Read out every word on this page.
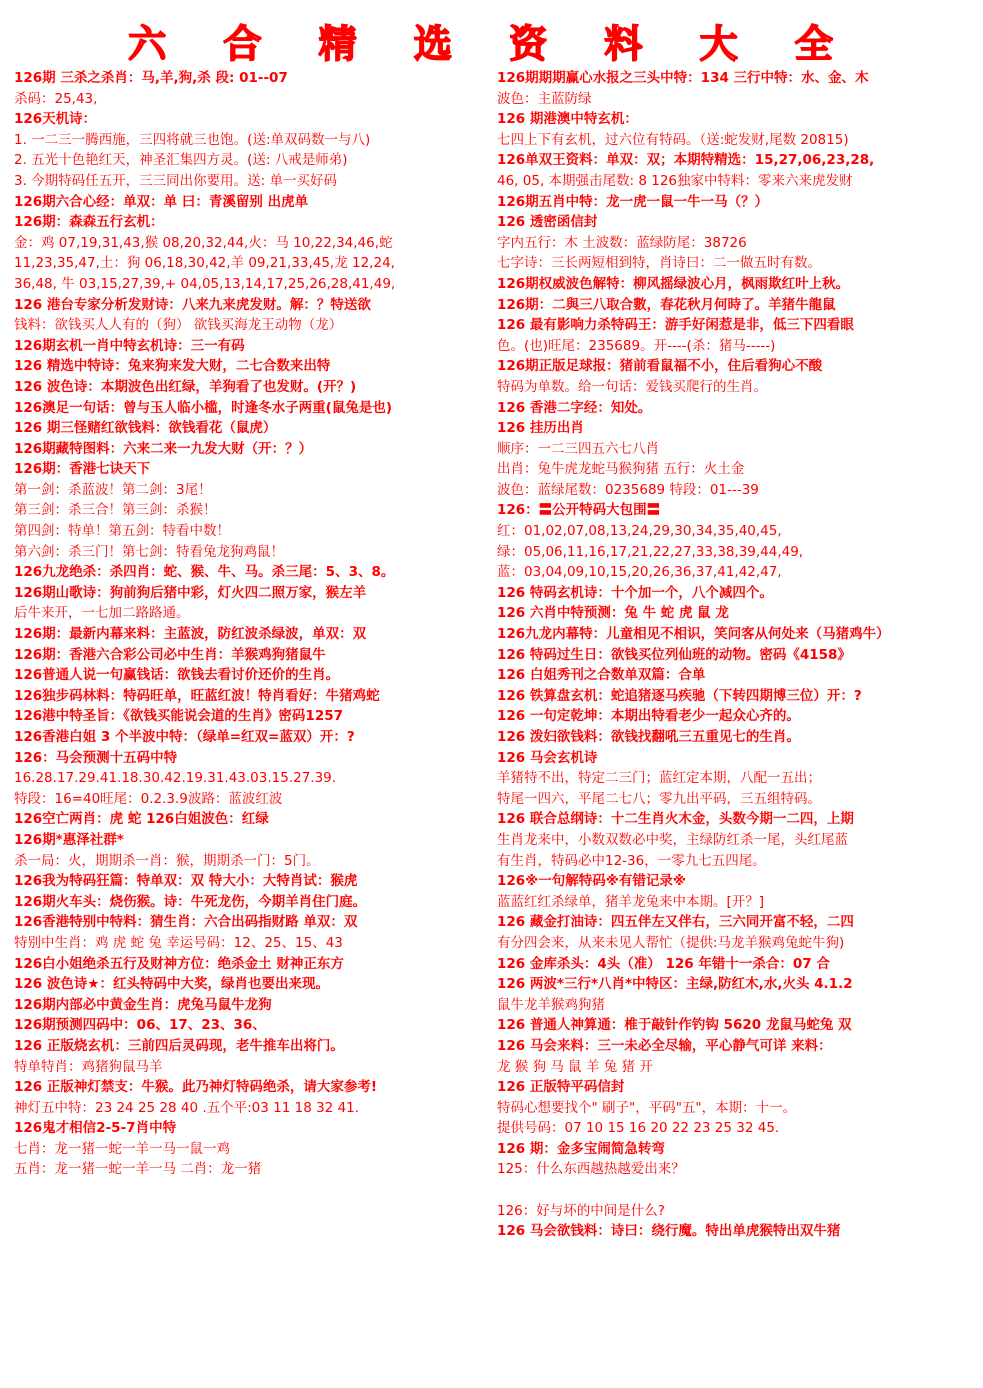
六 合 精 选 资 料 大 全
126期 三杀之杀肖：马,羊,狗,杀 段: 01--07
杀码：25,43,
126天机诗：
1. 一二三一腾西施，三四将就三也饱。(送:单双码数一与八)
2. 五光十色艳红天，神圣汇集四方灵。(送: 八戒是师弟)
3. 今期特码任五开，三三同出你要用。送: 单一买好码
126期六合心经：单双：单 曰：青溪留别 出虎单
126期：森森五行玄机：
金：鸡 07,19,31,43,猴 08,20,32,44,火：马 10,22,34,46,蛇
11,23,35,47,土：狗 06,18,30,42,羊 09,21,33,45,龙 12,24,
36,48, 牛 03,15,27,39,+ 04,05,13,14,17,25,26,28,41,49,
126 港台专家分析发财诗：八来九来虎发财。解：？特送欲
钱料：欲钱买人人有的（狗） 欲钱买海龙王动物（龙）
126期玄机一肖中特玄机诗：三一有码
126 精选中特诗：兔来狗来发大财，二七合数来出特
126 波色诗：本期波色出红绿，羊狗看了也发财。(开？)
126澳足一句话：曾与玉人临小槛，时逢冬水子两重(鼠兔是也)
126 期三怪赌红欲钱料：欲钱看花（鼠虎）
126期藏特图料：六来二来一九发大财（开：？）
126期：香港七诀天下
第一剑：杀蓝波！第二剑：3尾！
第三剑：杀三合！第三剑：杀猴！
第四剑：特单！第五剑：特看中数！
第六剑：杀三门！第七剑：特看兔龙狗鸡鼠！
126九龙绝杀：杀四肖：蛇、猴、牛、马。杀三尾：5、3、8。
126期山歌诗：狗前狗后猪中彩，灯火四二照万家，猴左羊
后牛来开，一七加二路路通。
126期：最新内幕来料：主蓝波，防红波杀绿波，单双：双
126期：香港六合彩公司必中生肖：羊猴鸡狗猪鼠牛
126普通人说一句赢钱话：欲钱去看讨价还价的生肖。
126独步码林料：特码旺单，旺蓝红波！特肖看好：牛猪鸡蛇
126港中特圣旨：《欲钱买能说会道的生肖》密码1257
126香港白姐 3 个半波中特：（绿单=红双=蓝双）开：?
126：马会预测十五码中特
16.28.17.29.41.18.30.42.19.31.43.03.15.27.39.
特段：16=40旺尾：0.2.3.9波路：蓝波红波
126空亡两肖：虎 蛇 126白姐波色：红绿
126期*惠泽社群*
杀一局：火，期期杀一肖：猴，期期杀一门：5门。
126我为特码狂篇：特单双：双 特大小：大特肖试：猴虎
126期火车头：烧伤猴。诗：牛死龙伤，今期羊肖住门庭。
126香港特别中特料：猜生肖：六合出码指财路 单双：双
特别中生肖：鸡 虎 蛇 兔 幸运号码：12、25、15、43
126白小姐绝杀五行及财神方位：绝杀金土 财神正东方
126 波色诗★：红头特码中大奖，绿肖也要出来现。
126期内部必中黄金生肖：虎兔马鼠牛龙狗
126期预测四码中：06、17、23、36、
126 正版烧玄机：三前四后灵码现，老牛推车出将门。
特单特肖：鸡猪狗鼠马羊
126 正版神灯禁支：牛猴。此乃神灯特码绝杀，请大家参考!
神灯五中特：23 24 25 28 40 .五个平:03 11 18 32 41.
126鬼才相信2-5-7肖中特
七肖：龙一猪一蛇一羊一马一鼠一鸡
五肖：龙一猪一蛇一羊一马 二肖：龙一猪
126期期期赢心水报之三头中特：134 三行中特：水、金、木
波色：主蓝防绿
126 期港澳中特玄机：
七四上下有玄机，过六位有特码。（送:蛇发财,尾数 20815)
126单双王资料：单双：双；本期特精选：15,27,06,23,28,
46, 05, 本期强击尾数: 8 126独家中特料：零来六来虎发财
126期五肖中特：龙一虎一鼠一牛一马（？）
126 透密函信封
字内五行：木 土波数：蓝绿防尾：38726
七字诗：三长两短相到特，肖诗曰：二一做五时有数。
126期权威波色解特：柳风摇绿波心月，枫雨欺红叶上秋。
126期：二與三八取合數，春花秋月何時了。羊猪牛龍鼠
126 最有影响力杀特码王：游手好闲惹是非，低三下四看眼
色。(也)旺尾：235689。开----(杀：猪马-----)
126期正版足球报：猪前看鼠福不小，住后看狗心不酸
特码为单数。给一句话：爱钱买爬行的生肖。
126 香港二字经：知处。
126 挂历出肖
顺序：一二三四五六七八肖
出肖：兔牛虎龙蛇马猴狗猪 五行：火土金
波色：蓝绿尾数：0235689 特段：01---39
126：〓公开特码大包围〓
红：01,02,07,08,13,24,29,30,34,35,40,45,
绿：05,06,11,16,17,21,22,27,33,38,39,44,49,
蓝：03,04,09,10,15,20,26,36,37,41,42,47,
126 特码玄机诗：十个加一个，八个减四个。
126 六肖中特预测：兔 牛 蛇 虎 鼠 龙
126九龙内幕特：儿童相见不相识，笑问客从何处来（马猪鸡牛）
126 特码过生日：欲钱买位列仙班的动物。密码《4158》
126 白姐秀刊之合数单双篇：合单
126 铁算盘玄机：蛇追猪逐马疾驰（下转四期博三位）开：?
126 一句定乾坤：本期出特看老少一起众心齐的。
126 泼妇欲钱料：欲钱找翻吼三五重见七的生肖。
126 马会玄机诗
羊猪特不出，特定二三门；蓝红定本期，八配一五出；
特尾一四六，平尾二七八；零九出平码，三五组特码。
126 联合总纲诗：十二生肖火木金，头数今期一二四，上期
生肖龙来中，小数双数必中奖，主绿防红杀一尾，头红尾蓝
有生肖，特码必中12-36，一零九七五四尾。
126※一句解特码※有错记录※
蓝蓝红红杀绿单，猪羊龙兔来中本期。[开？]
126 藏金打油诗：四五伴左又伴右，三六同开富不轻，二四
有分四会来，从来未见人帮忙（提供:马龙羊猴鸡兔蛇牛狗)
126 金库杀头：4头（准） 126 年错十一杀合：07 合
126 两波*三行*八肖*中特区：主绿,防红木,水,火头 4.1.2
鼠牛龙羊猴鸡狗猪
126 普通人神算通：椎于敲针作钓钩 5620 龙鼠马蛇兔 双
126 马会来料：三一未必全尽输，平心静气可详 来料：
龙 猴 狗 马 鼠 羊 兔 猪 开
126 正版特平码信封
特码心想要找个" 刷子"，平码"五"，本期：十一。
提供号码：07 10 15 16 20 22 23 25 32 45.
126 期：金多宝闹简急转弯
125：什么东西越热越爱出来？
126：好与坏的中间是什么?
126 马会欲钱料：诗曰：绕行魔。特出单虎猴特出双牛猪
